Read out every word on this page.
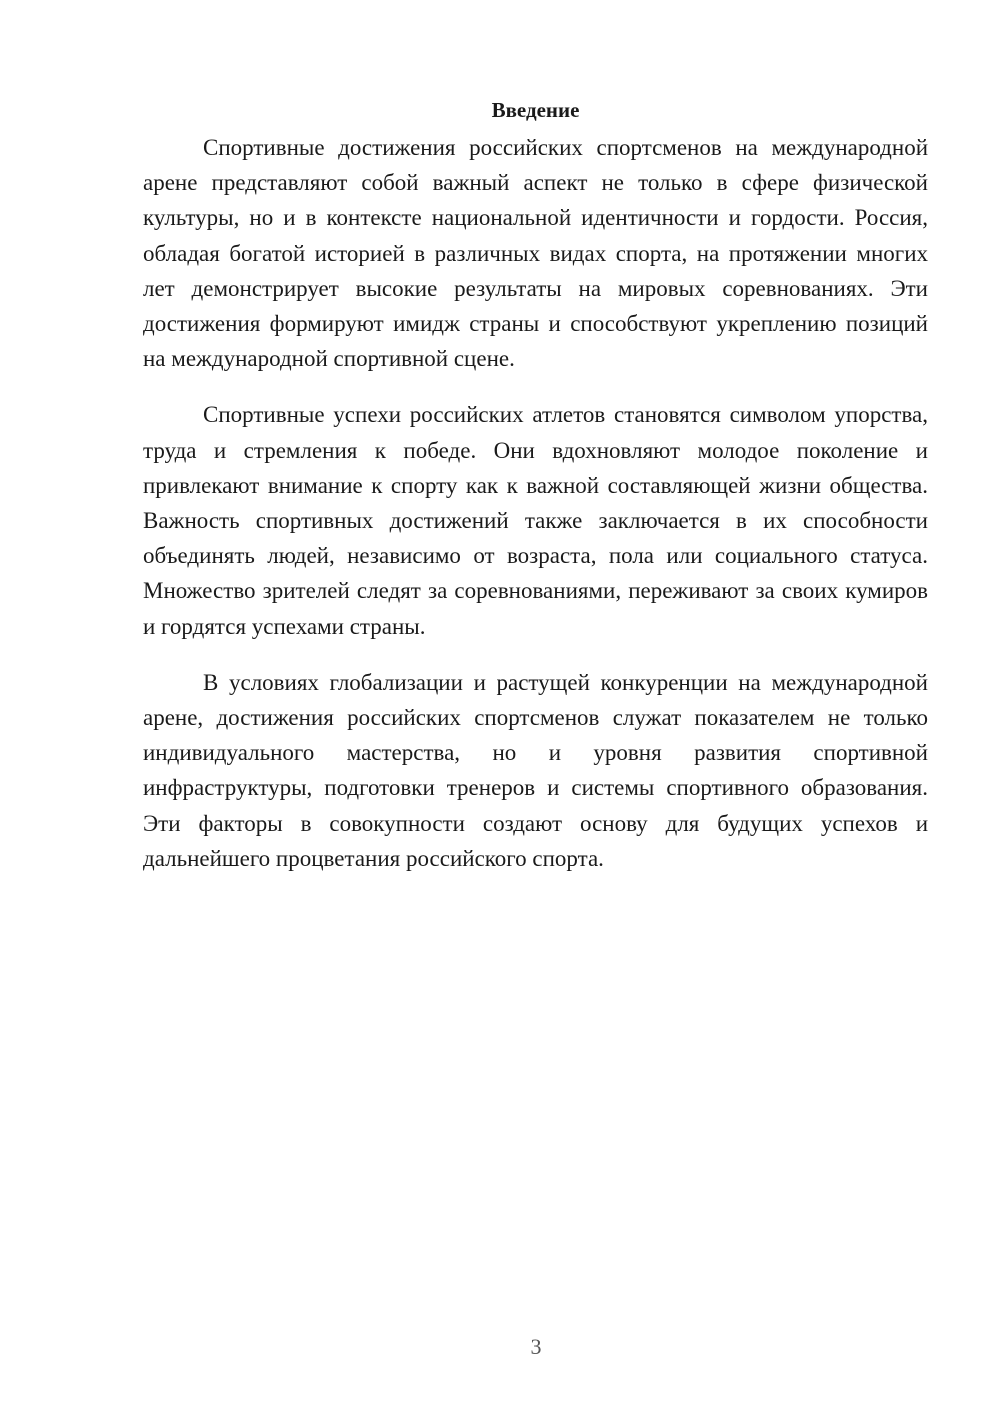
Введение

Спортивные достижения российских спортсменов на международной арене представляют собой важный аспект не только в сфере физической культуры, но и в контексте национальной идентичности и гордости. Россия, обладая богатой историей в различных видах спорта, на протяжении многих лет демонстрирует высокие результаты на мировых соревнованиях. Эти достижения формируют имидж страны и способствуют укреплению позиций на международной спортивной сцене.

Спортивные успехи российских атлетов становятся символом упорства, труда и стремления к победе. Они вдохновляют молодое поколение и привлекают внимание к спорту как к важной составляющей жизни общества. Важность спортивных достижений также заключается в их способности объединять людей, независимо от возраста, пола или социального статуса. Множество зрителей следят за соревнованиями, переживают за своих кумиров и гордятся успехами страны.

В условиях глобализации и растущей конкуренции на международной арене, достижения российских спортсменов служат показателем не только индивидуального мастерства, но и уровня развития спортивной инфраструктуры, подготовки тренеров и системы спортивного образования. Эти факторы в совокупности создают основу для будущих успехов и дальнейшего процветания российского спорта.

3
